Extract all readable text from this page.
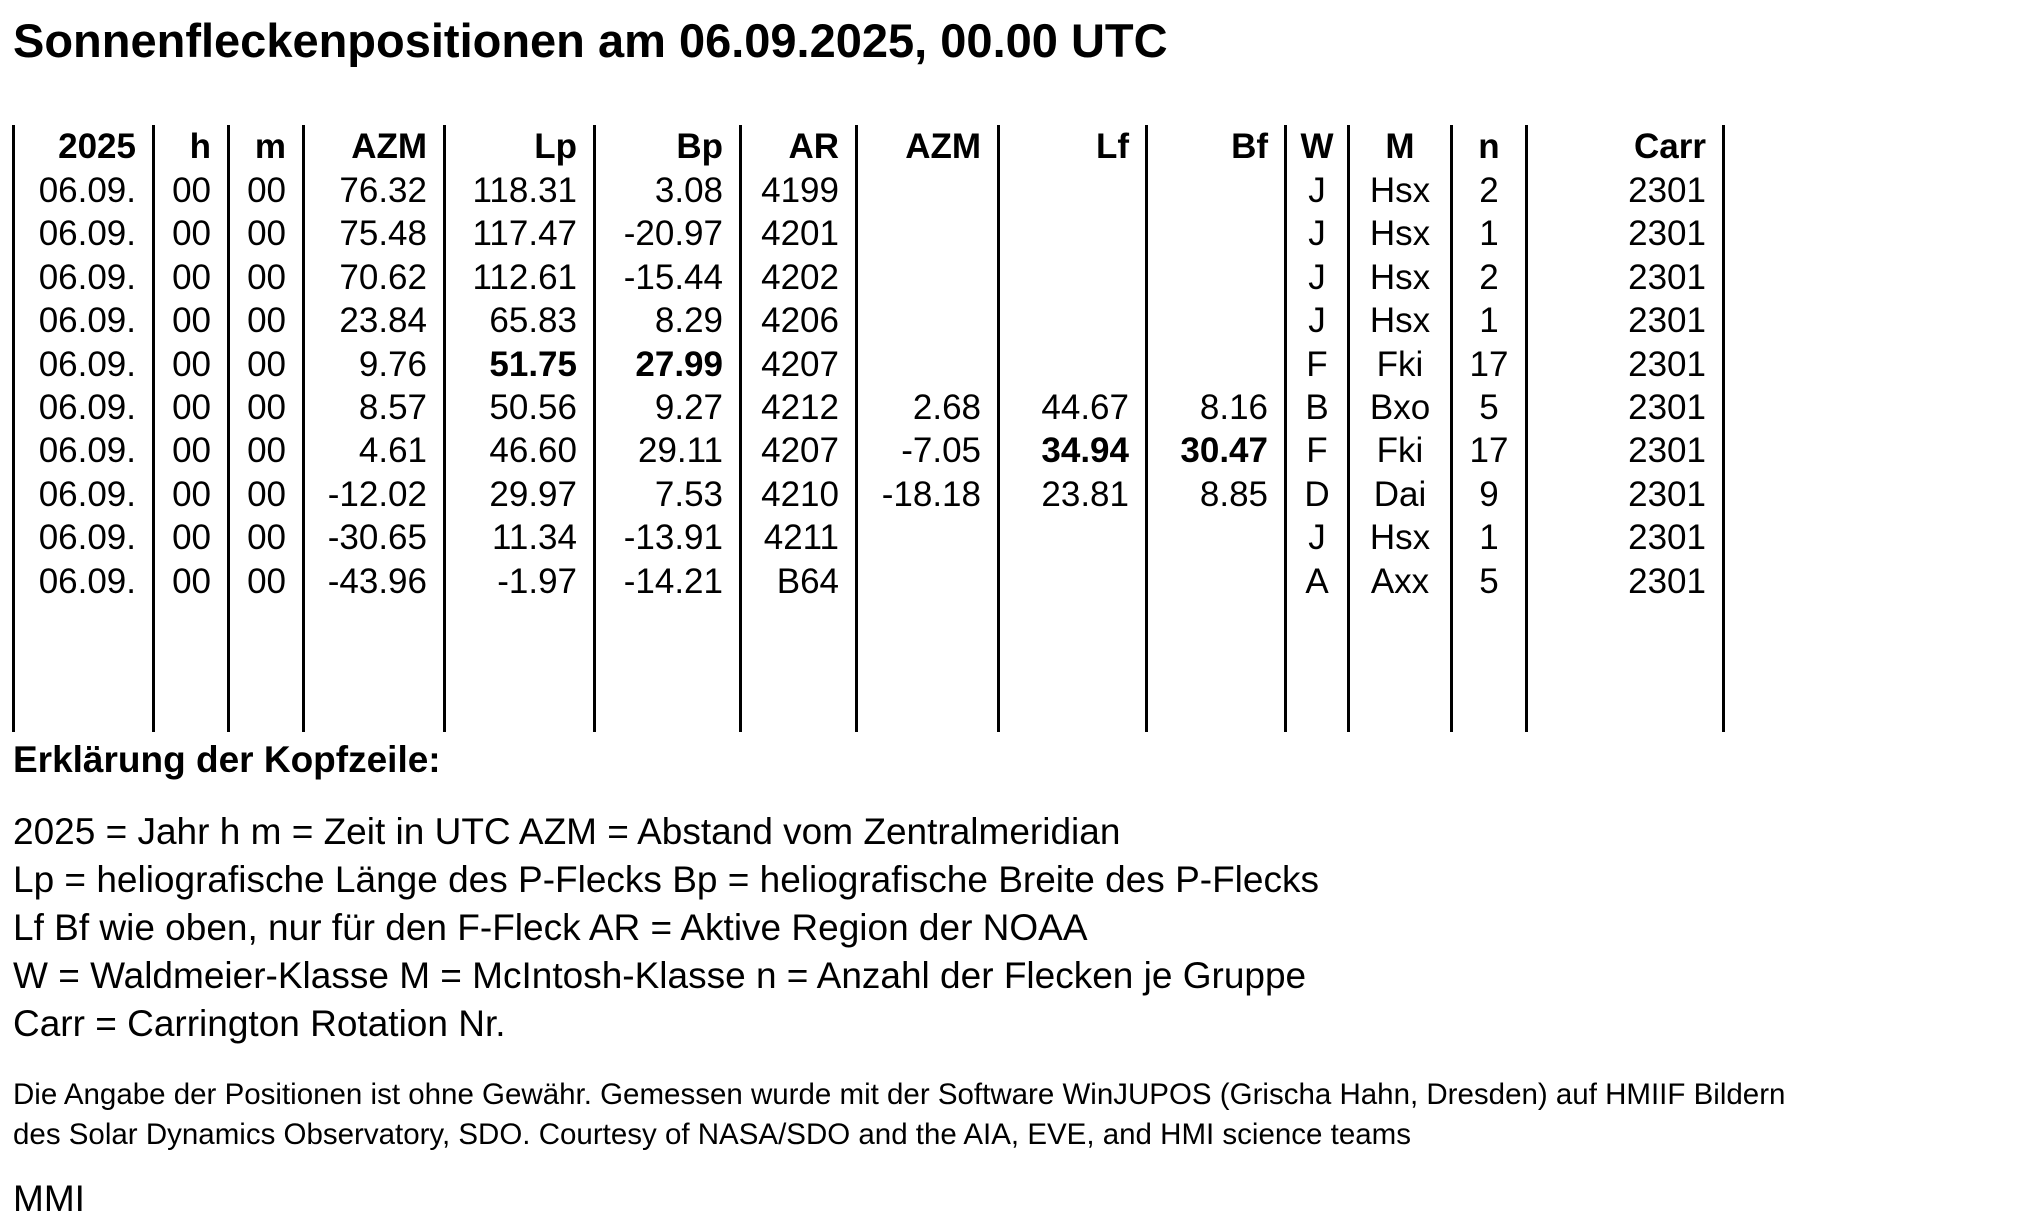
Sonnenfleckenpositionen am 06.09.2025, 00.00 UTC
2025	h	m	AZM	Lp	Bp	AR	AZM	Lf	Bf	W	M	n	Carr
06.09.	00	00	76.32	118.31	3.08	4199				J	Hsx	2	2301
06.09.	00	00	75.48	117.47	-20.97	4201				J	Hsx	1	2301
06.09.	00	00	70.62	112.61	-15.44	4202				J	Hsx	2	2301
06.09.	00	00	23.84	65.83	8.29	4206				J	Hsx	1	2301
06.09.	00	00	9.76	51.75	27.99	4207				F	Fki	17	2301
06.09.	00	00	8.57	50.56	9.27	4212	2.68	44.67	8.16	B	Bxo	5	2301
06.09.	00	00	4.61	46.60	29.11	4207	-7.05	34.94	30.47	F	Fki	17	2301
06.09.	00	00	-12.02	29.97	7.53	4210	-18.18	23.81	8.85	D	Dai	9	2301
06.09.	00	00	-30.65	11.34	-13.91	4211				J	Hsx	1	2301
06.09.	00	00	-43.96	-1.97	-14.21	B64				A	Axx	5	2301

Erklärung der Kopfzeile:
2025 = Jahr h m = Zeit in UTC AZM = Abstand vom Zentralmeridian
Lp = heliografische Länge des P-Flecks Bp = heliografische Breite des P-Flecks
Lf Bf wie oben, nur für den F-Fleck AR = Aktive Region der NOAA
W = Waldmeier-Klasse M = McIntosh-Klasse n = Anzahl der Flecken je Gruppe
Carr = Carrington Rotation Nr.
Die Angabe der Positionen ist ohne Gewähr. Gemessen wurde mit der Software WinJUPOS (Grischa Hahn, Dresden) auf HMIIF Bildern
des Solar Dynamics Observatory, SDO. Courtesy of NASA/SDO and the AIA, EVE, and HMI science teams
MMI
